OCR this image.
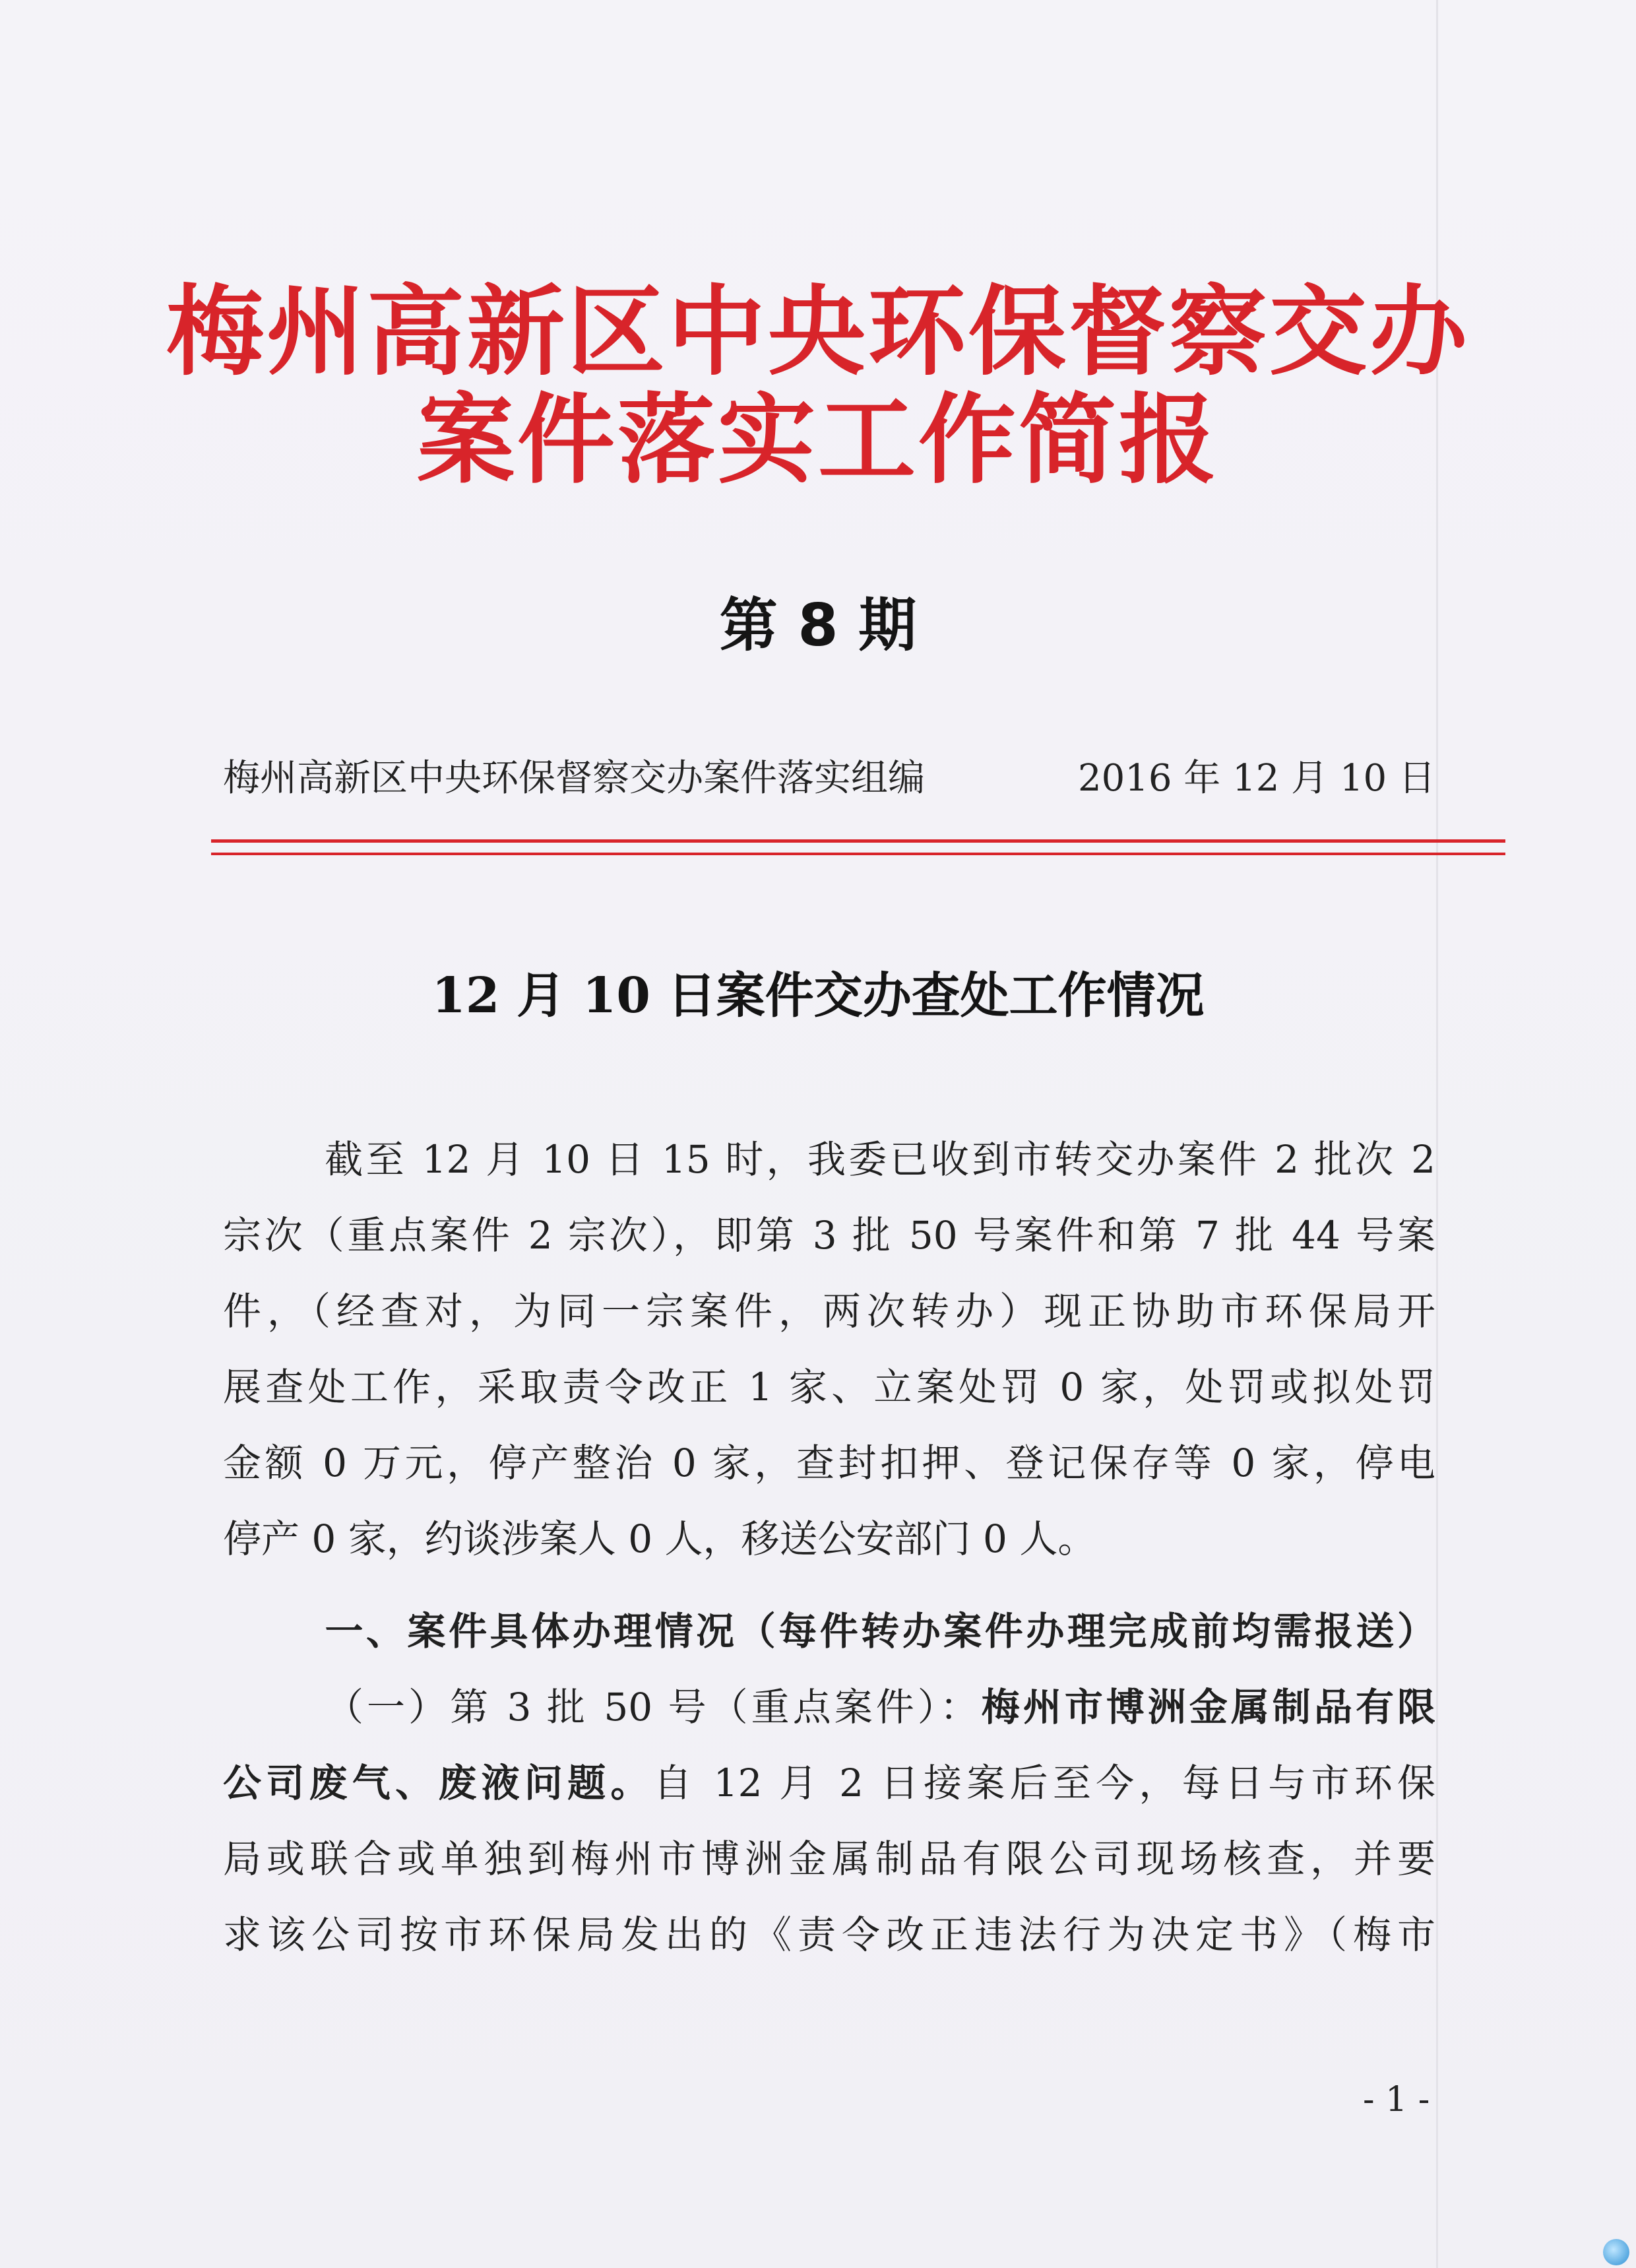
梅州高新区中央环保督察交办
案件落实工作简报
第 8 期
梅州高新区中央环保督察交办案件落实组编	2016 年 12 月 10 日
12 月 10 日案件交办查处工作情况
截至 12 月 10 日 15 时，我委已收到市转交办案件 2 批次 2
宗次（重点案件 2 宗次），即第 3 批 50 号案件和第 7 批 44 号案
件，（经查对，为同一宗案件，两次转办）现正协助市环保局开
展查处工作，采取责令改正 1 家、立案处罚 0 家，处罚或拟处罚
金额 0 万元，停产整治 0 家，查封扣押、登记保存等 0 家，停电
停产 0 家，约谈涉案人 0 人，移送公安部门 0 人。
一、案件具体办理情况（每件转办案件办理完成前均需报送）
（一）第 3 批 50 号（重点案件）：梅州市博洲金属制品有限
公司废气、废液问题。自 12 月 2 日接案后至今，每日与市环保
局或联合或单独到梅州市博洲金属制品有限公司现场核查，并要
求该公司按市环保局发出的《责令改正违法行为决定书》（梅市
- 1 -
